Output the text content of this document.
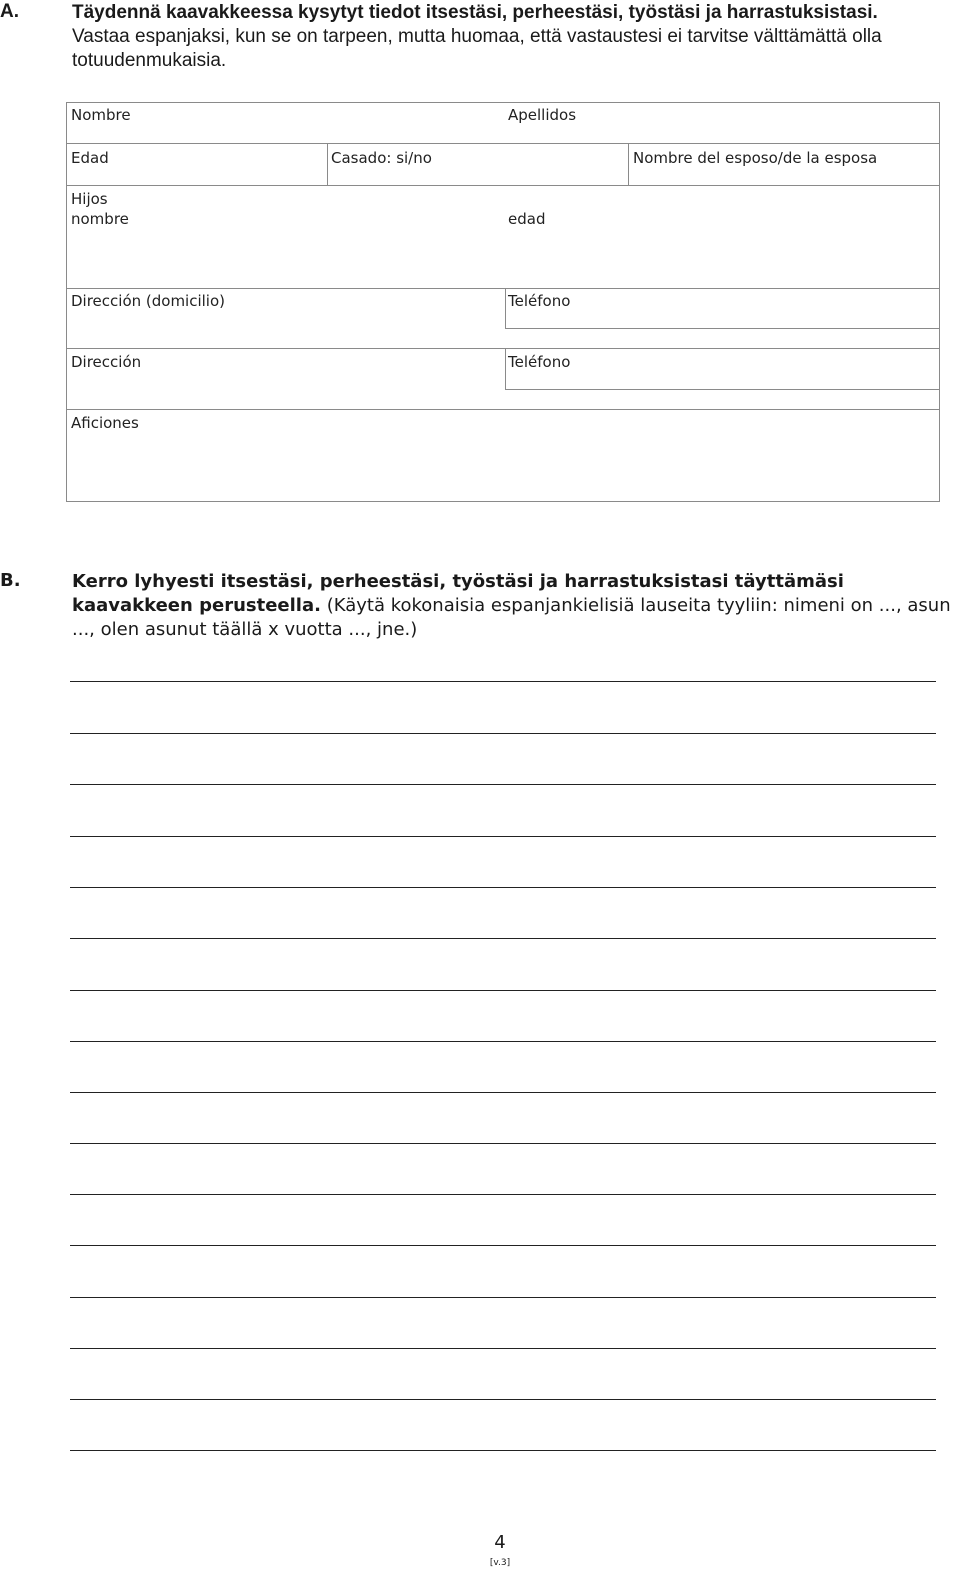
A.	Täydennä kaavakkeessa kysytyt tiedot itsestäsi, perheestäsi, työstäsi ja harrastuksistasi.
Vastaa espanjaksi, kun se on tarpeen, mutta huomaa, että vastaustesi ei tarvitse välttämättä olla totuudenmukaisia.
Nombre	Apellidos
Edad	Casado: si/no	Nombre del esposo/de la esposa
Hijos
nombre	edad
Dirección (domicilio)	Teléfono
Dirección	Teléfono
Aficiones
B.	Kerro lyhyesti itsestäsi, perheestäsi, työstäsi ja harrastuksistasi täyttämäsi kaavakkeen perusteella. (Käytä kokonaisia espanjankielisiä lauseita tyyliin: nimeni on ..., asun ..., olen asunut täällä x vuotta ..., jne.)
4
[v.3]
